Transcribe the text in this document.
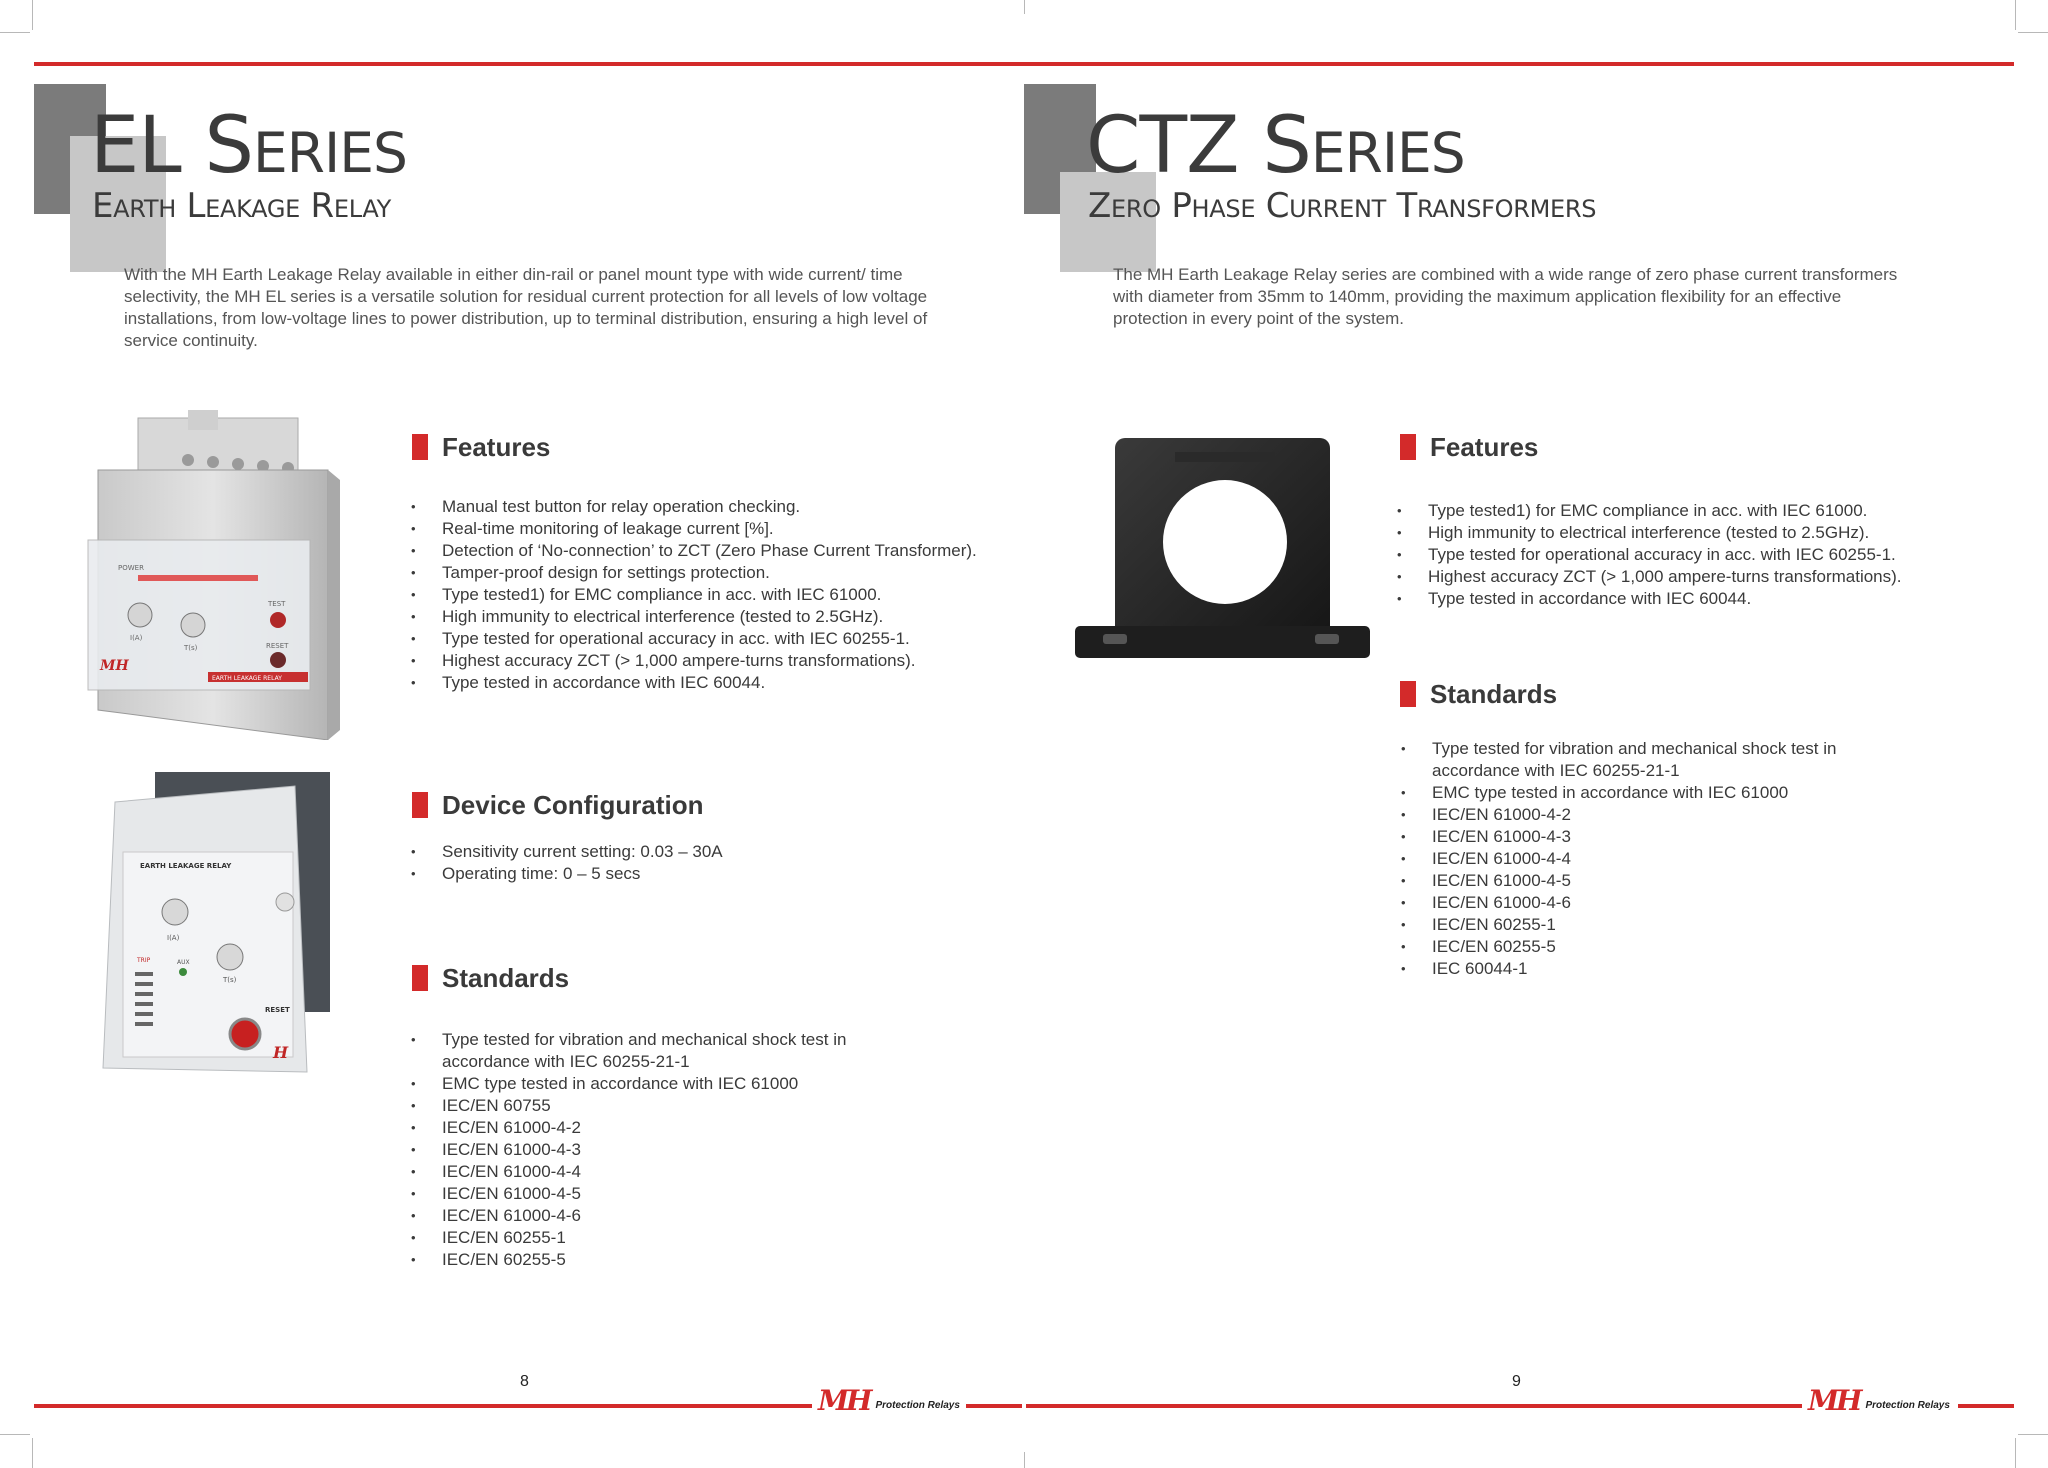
EL Series
Earth Leakage Relay

With the MH Earth Leakage Relay available in either din-rail or panel mount type with wide current/ time selectivity, the MH EL series is a versatile solution for residual current protection for all levels of low voltage installations, from low-voltage lines to power distribution, up to terminal distribution, ensuring a high level of service continuity.

POWER
TEST
RESET
I(A)
T(s)
MH
EARTH LEAKAGE RELAY
EARTH LEAKAGE RELAY
I(A)
T(s)
TRIP	AUX
RESET
H
Features
• Manual test button for relay operation checking.
• Real-time monitoring of leakage current [%].
• Detection of ‘No-connection’ to ZCT (Zero Phase Current Transformer).
• Tamper-proof design for settings protection.
• Type tested1) for EMC compliance in acc. with IEC 61000.
• High immunity to electrical interference (tested to 2.5GHz).
• Type tested for operational accuracy in acc. with IEC 60255-1.
• Highest accuracy ZCT (> 1,000 ampere-turns transformations).
• Type tested in accordance with IEC 60044.
Device Configuration
• Sensitivity current setting: 0.03 – 30A
• Operating time: 0 – 5 secs
Standards
• Type tested for vibration and mechanical shock test in accordance with IEC 60255-21-1
• EMC type tested in accordance with IEC 61000
• IEC/EN 60755
• IEC/EN 61000-4-2
• IEC/EN 61000-4-3
• IEC/EN 61000-4-4
• IEC/EN 61000-4-5
• IEC/EN 61000-4-6
• IEC/EN 60255-1
• IEC/EN 60255-5
8
MH Protection Relays
CTZ Series
Zero Phase Current Transformers

The MH Earth Leakage Relay series are combined with a wide range of zero phase current transformers with diameter from 35mm to 140mm, providing the maximum application flexibility for an effective protection in every point of the system.

Features
• Type tested1) for EMC compliance in acc. with IEC 61000.
• High immunity to electrical interference (tested to 2.5GHz).
• Type tested for operational accuracy in acc. with IEC 60255-1.
• Highest accuracy ZCT (> 1,000 ampere-turns transformations).
• Type tested in accordance with IEC 60044.
Standards
• Type tested for vibration and mechanical shock test in accordance with IEC 60255-21-1
• EMC type tested in accordance with IEC 61000
• IEC/EN 61000-4-2
• IEC/EN 61000-4-3
• IEC/EN 61000-4-4
• IEC/EN 61000-4-5
• IEC/EN 61000-4-6
• IEC/EN 60255-1
• IEC/EN 60255-5
• IEC 60044-1
9
MH Protection Relays
